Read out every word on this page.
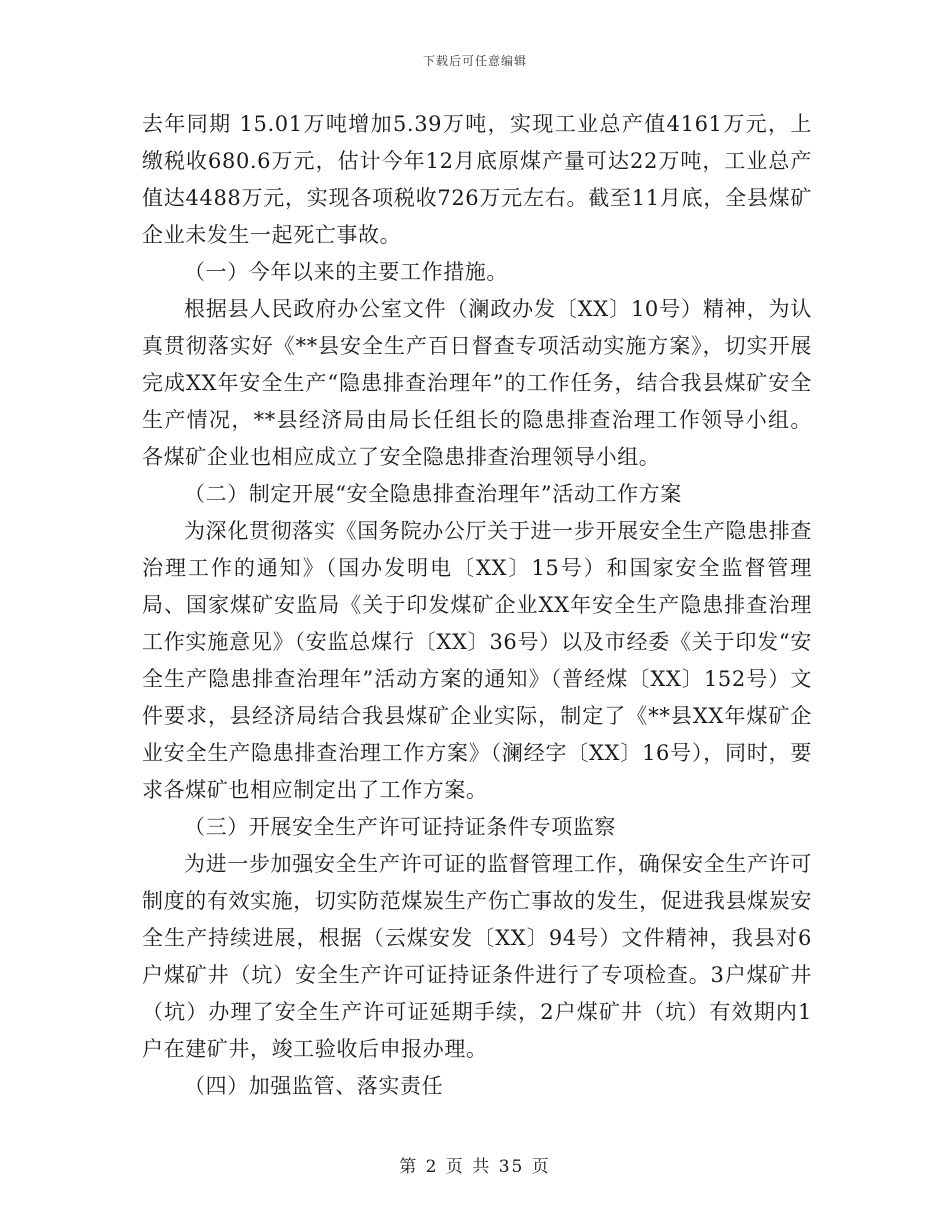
下载后可任意编辑

去年同期 15.01万吨增加5.39万吨，实现工业总产值4161万元，上缴税收680.6万元，估计今年12月底原煤产量可达22万吨，工业总产值达4488万元，实现各项税收726万元左右。截至11月底，全县煤矿企业未发生一起死亡事故。

（一）今年以来的主要工作措施。

根据县人民政府办公室文件（澜政办发〔XX〕10号）精神，为认真贯彻落实好《**县安全生产百日督查专项活动实施方案》，切实开展完成XX年安全生产“隐患排查治理年”的工作任务，结合我县煤矿安全生产情况，**县经济局由局长任组长的隐患排查治理工作领导小组。各煤矿企业也相应成立了安全隐患排查治理领导小组。

（二）制定开展“安全隐患排查治理年”活动工作方案

为深化贯彻落实《国务院办公厅关于进一步开展安全生产隐患排查治理工作的通知》（国办发明电〔XX〕15号）和国家安全监督管理局、国家煤矿安监局《关于印发煤矿企业XX年安全生产隐患排查治理工作实施意见》（安监总煤行〔XX〕36号）以及市经委《关于印发“安全生产隐患排查治理年”活动方案的通知》（普经煤〔XX〕152号）文件要求，县经济局结合我县煤矿企业实际，制定了《**县XX年煤矿企业安全生产隐患排查治理工作方案》（澜经字〔XX〕16号），同时，要求各煤矿也相应制定出了工作方案。

（三）开展安全生产许可证持证条件专项监察

为进一步加强安全生产许可证的监督管理工作，确保安全生产许可制度的有效实施，切实防范煤炭生产伤亡事故的发生，促进我县煤炭安全生产持续进展，根据（云煤安发〔XX〕94号）文件精神，我县对6户煤矿井（坑）安全生产许可证持证条件进行了专项检查。3户煤矿井（坑）办理了安全生产许可证延期手续，2户煤矿井（坑）有效期内1户在建矿井，竣工验收后申报办理。

（四）加强监管、落实责任

第 2 页 共 35 页
